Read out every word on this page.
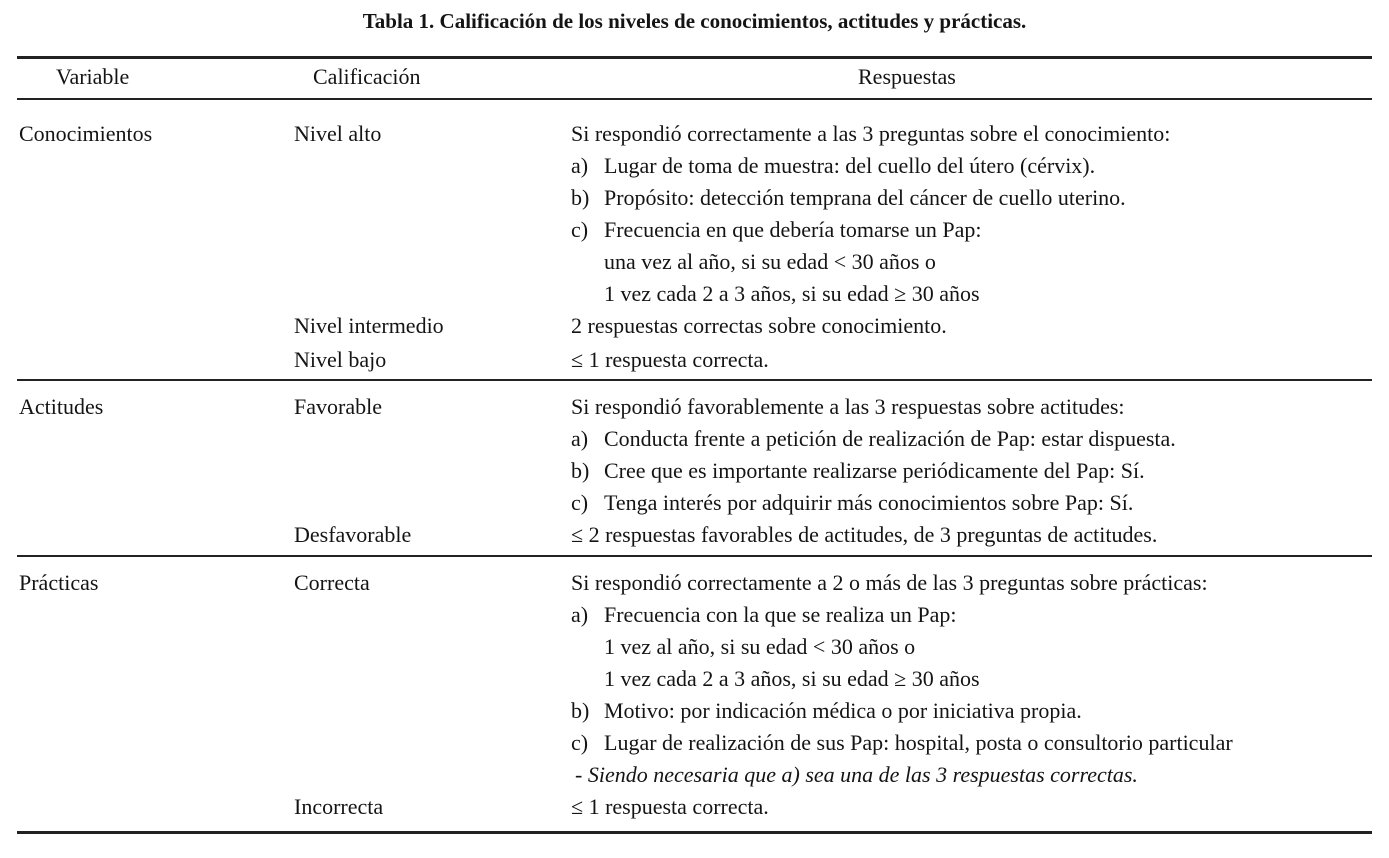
Tabla 1. Calificación de los niveles de conocimientos, actitudes y prácticas.
Variable	Calificación	Respuestas
Conocimientos	Nivel alto	Si respondió correctamente a las 3 preguntas sobre el conocimiento:
a) Lugar de toma de muestra: del cuello del útero (cérvix).
b) Propósito: detección temprana del cáncer de cuello uterino.
c) Frecuencia en que debería tomarse un Pap:
una vez al año, si su edad < 30 años o
1 vez cada 2 a 3 años, si su edad ≥ 30 años
Nivel intermedio	2 respuestas correctas sobre conocimiento.
Nivel bajo	≤ 1 respuesta correcta.
Actitudes	Favorable	Si respondió favorablemente a las 3 respuestas sobre actitudes:
a) Conducta frente a petición de realización de Pap: estar dispuesta.
b) Cree que es importante realizarse periódicamente del Pap: Sí.
c) Tenga interés por adquirir más conocimientos sobre Pap: Sí.
Desfavorable	≤ 2 respuestas favorables de actitudes, de 3 preguntas de actitudes.
Prácticas	Correcta	Si respondió correctamente a 2 o más de las 3 preguntas sobre prácticas:
a) Frecuencia con la que se realiza un Pap:
1 vez al año, si su edad < 30 años o
1 vez cada 2 a 3 años, si su edad ≥ 30 años
b) Motivo: por indicación médica o por iniciativa propia.
c) Lugar de realización de sus Pap: hospital, posta o consultorio particular
- Siendo necesaria que a) sea una de las 3 respuestas correctas.
Incorrecta	≤ 1 respuesta correcta.
